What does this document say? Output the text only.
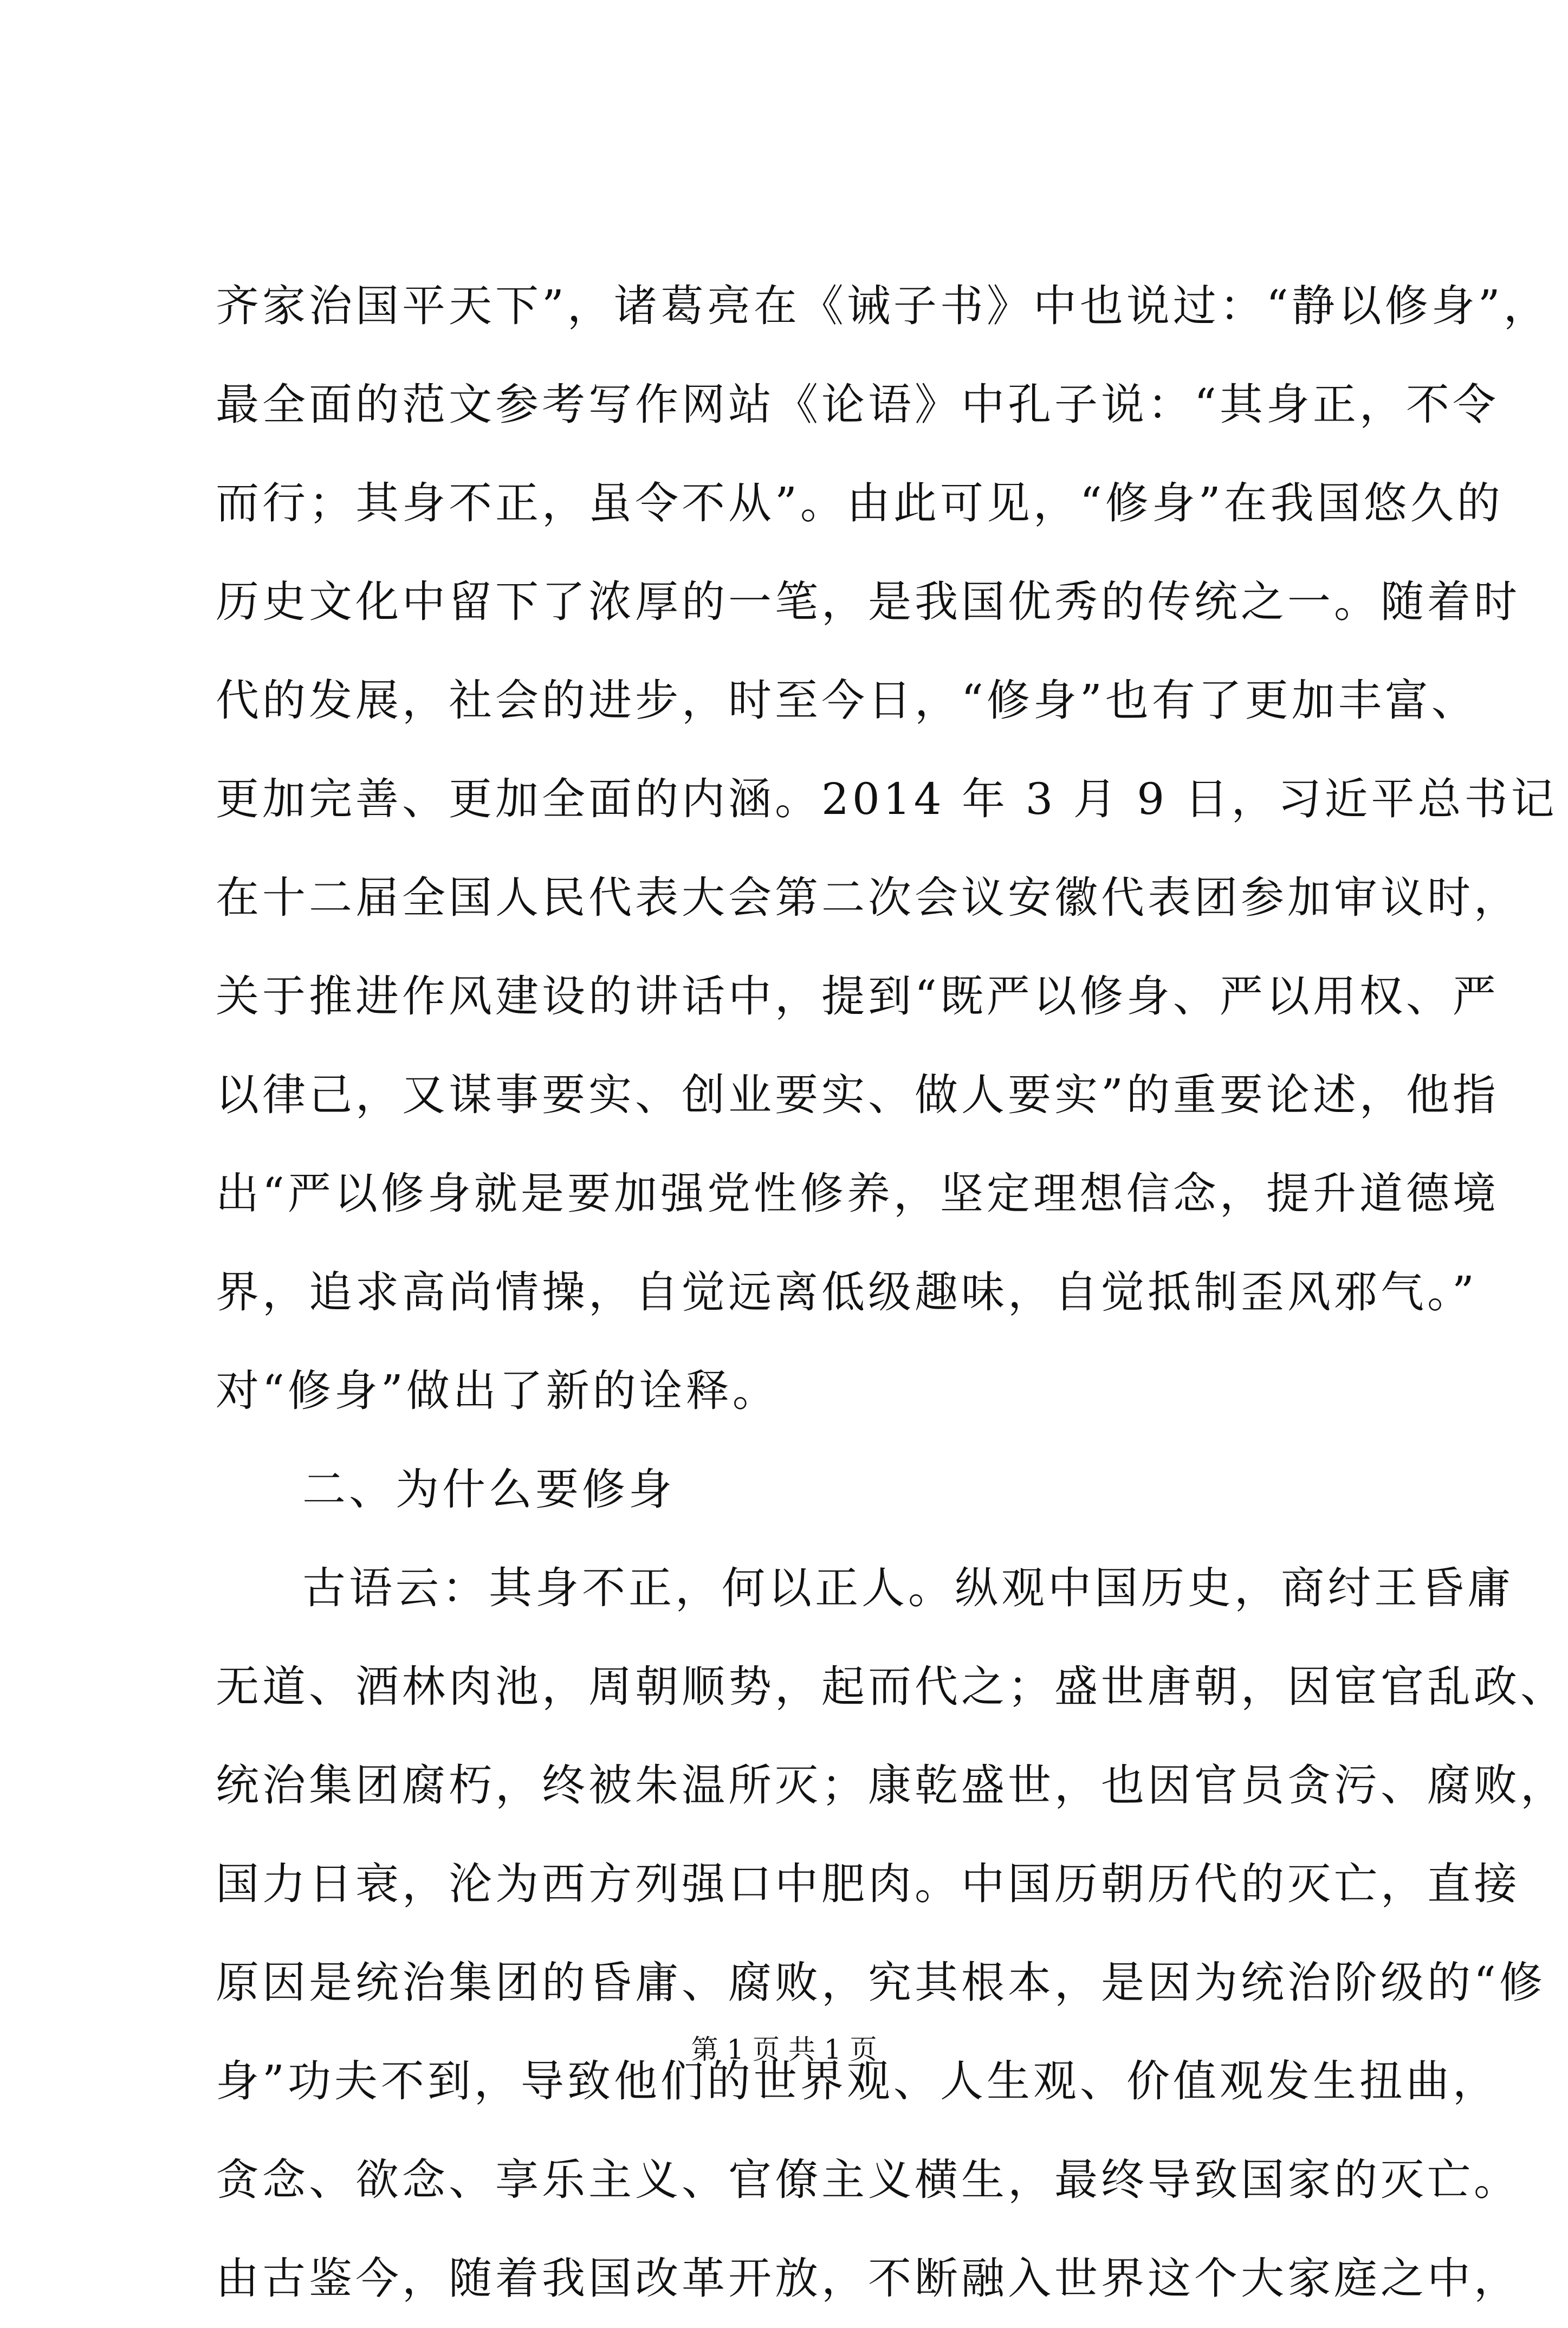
齐家治国平天下”，诸葛亮在《诫子书》中也说过：“静以修身”，
最全面的范文参考写作网站《论语》中孔子说：“其身正，不令
而行；其身不正，虽令不从”。由此可见，“修身”在我国悠久的
历史文化中留下了浓厚的一笔，是我国优秀的传统之一。随着时
代的发展，社会的进步，时至今日，“修身”也有了更加丰富、
更加完善、更加全面的内涵。2014 年 3 月 9 日，习近平总书记
在十二届全国人民代表大会第二次会议安徽代表团参加审议时，
关于推进作风建设的讲话中，提到“既严以修身、严以用权、严
以律己，又谋事要实、创业要实、做人要实”的重要论述，他指
出“严以修身就是要加强党性修养，坚定理想信念，提升道德境
界，追求高尚情操，自觉远离低级趣味，自觉抵制歪风邪气。”
对“修身”做出了新的诠释。
二、为什么要修身
古语云：其身不正，何以正人。纵观中国历史，商纣王昏庸
无道、酒林肉池，周朝顺势，起而代之；盛世唐朝，因宦官乱政、
统治集团腐朽，终被朱温所灭；康乾盛世，也因官员贪污、腐败，
国力日衰，沦为西方列强口中肥肉。中国历朝历代的灭亡，直接
原因是统治集团的昏庸、腐败，究其根本，是因为统治阶级的“修
身”功夫不到，导致他们的世界观、人生观、价值观发生扭曲，
贪念、欲念、享乐主义、官僚主义横生，最终导致国家的灭亡。
由古鉴今，随着我国改革开放，不断融入世界这个大家庭之中，
第 1 页 共 1 页
